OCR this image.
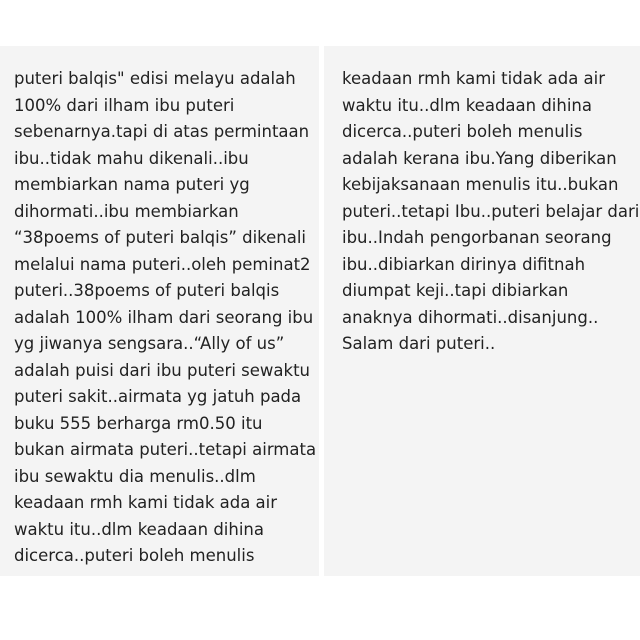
puteri balqis" edisi melayu adalah
100% dari ilham ibu puteri
sebenarnya.tapi di atas permintaan
ibu..tidak mahu dikenali..ibu
membiarkan nama puteri yg
dihormati..ibu membiarkan
“38poems of puteri balqis” dikenali
melalui nama puteri..oleh peminat2
puteri..38poems of puteri balqis
adalah 100% ilham dari seorang ibu
yg jiwanya sengsara..“Ally of us”
adalah puisi dari ibu puteri sewaktu
puteri sakit..airmata yg jatuh pada
buku 555 berharga rm0.50 itu
bukan airmata puteri..tetapi airmata
ibu sewaktu dia menulis..dlm
keadaan rmh kami tidak ada air
waktu itu..dlm keadaan dihina
dicerca..puteri boleh menulis
keadaan rmh kami tidak ada air
waktu itu..dlm keadaan dihina
dicerca..puteri boleh menulis
adalah kerana ibu.Yang diberikan
kebijaksanaan menulis itu..bukan
puteri..tetapi Ibu..puteri belajar dari
ibu..Indah pengorbanan seorang
ibu..dibiarkan dirinya difitnah
diumpat keji..tapi dibiarkan
anaknya dihormati..disanjung..
Salam dari puteri..
